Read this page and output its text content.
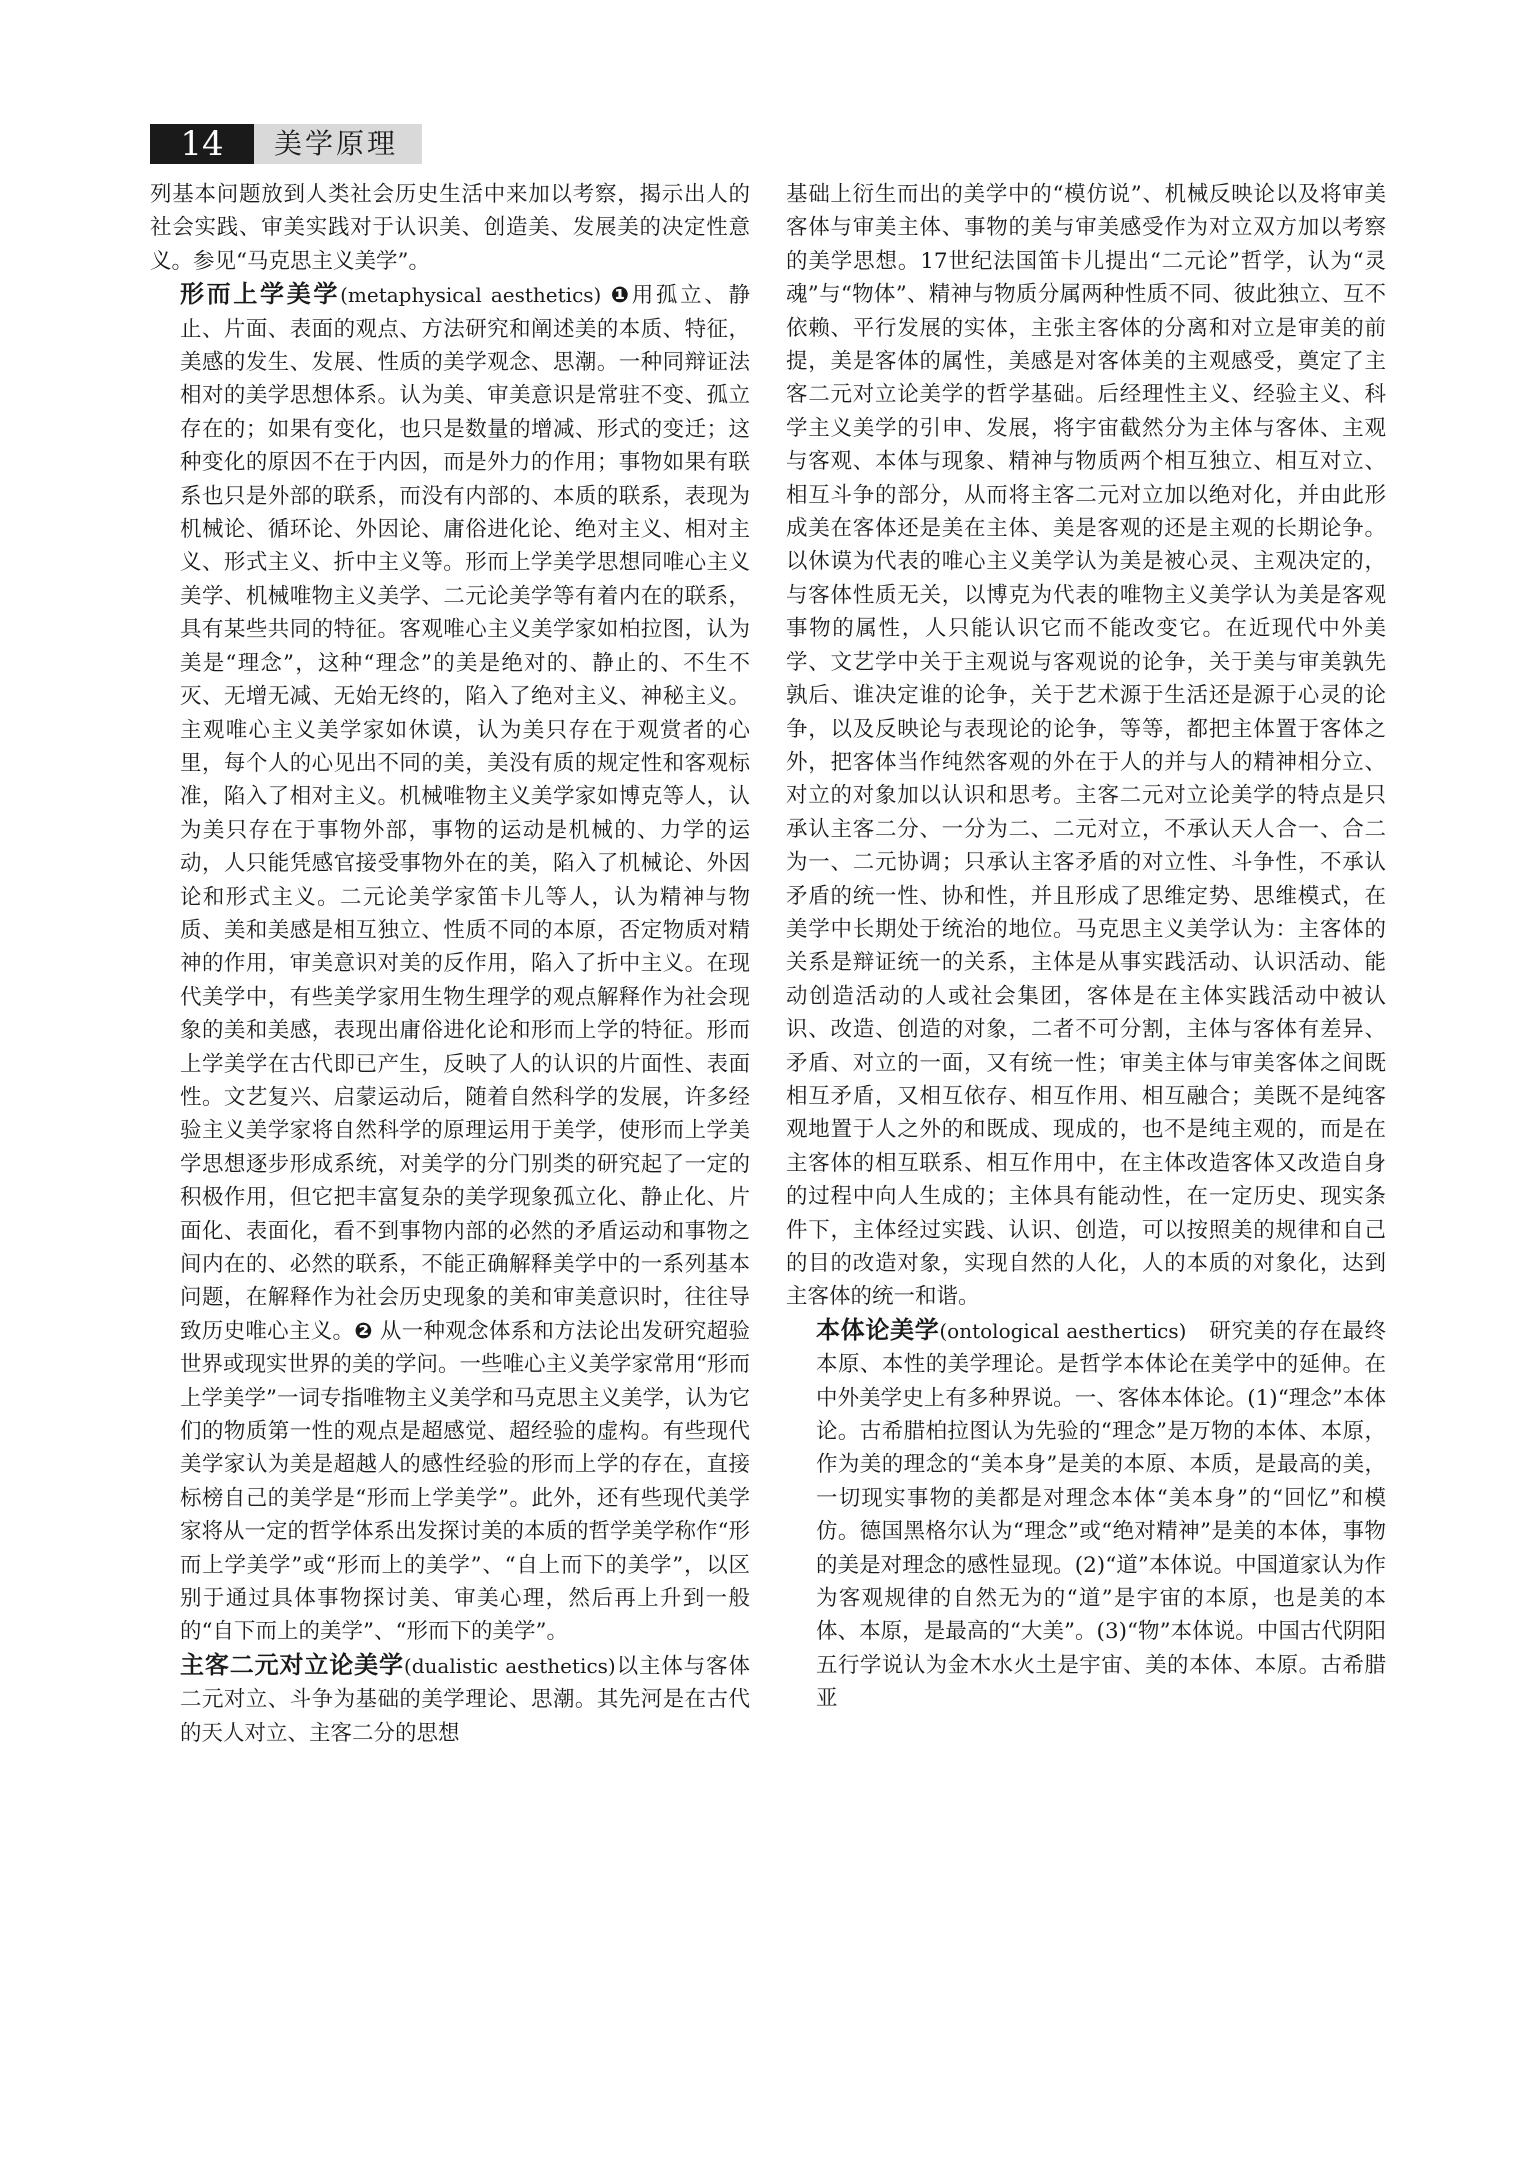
14	美学原理

列基本问题放到人类社会历史生活中来加以考察，揭示出人的社会实践、审美实践对于认识美、创造美、发展美的决定性意义。参见“马克思主义美学”。

形而上学美学(metaphysical aesthetics) ❶用孤立、静止、片面、表面的观点、方法研究和阐述美的本质、特征，美感的发生、发展、性质的美学观念、思潮。一种同辩证法相对的美学思想体系。认为美、审美意识是常驻不变、孤立存在的；如果有变化，也只是数量的增减、形式的变迁；这种变化的原因不在于内因，而是外力的作用；事物如果有联系也只是外部的联系，而没有内部的、本质的联系，表现为机械论、循环论、外因论、庸俗进化论、绝对主义、相对主义、形式主义、折中主义等。形而上学美学思想同唯心主义美学、机械唯物主义美学、二元论美学等有着内在的联系，具有某些共同的特征。客观唯心主义美学家如柏拉图，认为美是“理念”，这种“理念”的美是绝对的、静止的、不生不灭、无增无减、无始无终的，陷入了绝对主义、神秘主义。主观唯心主义美学家如休谟，认为美只存在于观赏者的心里，每个人的心见出不同的美，美没有质的规定性和客观标准，陷入了相对主义。机械唯物主义美学家如博克等人，认为美只存在于事物外部，事物的运动是机械的、力学的运动，人只能凭感官接受事物外在的美，陷入了机械论、外因论和形式主义。二元论美学家笛卡儿等人，认为精神与物质、美和美感是相互独立、性质不同的本原，否定物质对精神的作用，审美意识对美的反作用，陷入了折中主义。在现代美学中，有些美学家用生物生理学的观点解释作为社会现象的美和美感，表现出庸俗进化论和形而上学的特征。形而上学美学在古代即已产生，反映了人的认识的片面性、表面性。文艺复兴、启蒙运动后，随着自然科学的发展，许多经验主义美学家将自然科学的原理运用于美学，使形而上学美学思想逐步形成系统，对美学的分门别类的研究起了一定的积极作用，但它把丰富复杂的美学现象孤立化、静止化、片面化、表面化，看不到事物内部的必然的矛盾运动和事物之间内在的、必然的联系，不能正确解释美学中的一系列基本问题，在解释作为社会历史现象的美和审美意识时，往往导致历史唯心主义。❷ 从一种观念体系和方法论出发研究超验世界或现实世界的美的学问。一些唯心主义美学家常用“形而上学美学”一词专指唯物主义美学和马克思主义美学，认为它们的物质第一性的观点是超感觉、超经验的虚构。有些现代美学家认为美是超越人的感性经验的形而上学的存在，直接标榜自己的美学是“形而上学美学”。此外，还有些现代美学家将从一定的哲学体系出发探讨美的本质的哲学美学称作“形而上学美学”或“形而上的美学”、“自上而下的美学”，以区别于通过具体事物探讨美、审美心理，然后再上升到一般的“自下而上的美学”、“形而下的美学”。

主客二元对立论美学(dualistic aesthetics)以主体与客体二元对立、斗争为基础的美学理论、思潮。其先河是在古代的天人对立、主客二分的思想

基础上衍生而出的美学中的“模仿说”、机械反映论以及将审美客体与审美主体、事物的美与审美感受作为对立双方加以考察的美学思想。17世纪法国笛卡儿提出“二元论”哲学，认为“灵魂”与“物体”、精神与物质分属两种性质不同、彼此独立、互不依赖、平行发展的实体，主张主客体的分离和对立是审美的前提，美是客体的属性，美感是对客体美的主观感受，奠定了主客二元对立论美学的哲学基础。后经理性主义、经验主义、科学主义美学的引申、发展，将宇宙截然分为主体与客体、主观与客观、本体与现象、精神与物质两个相互独立、相互对立、相互斗争的部分，从而将主客二元对立加以绝对化，并由此形成美在客体还是美在主体、美是客观的还是主观的长期论争。以休谟为代表的唯心主义美学认为美是被心灵、主观决定的，与客体性质无关，以博克为代表的唯物主义美学认为美是客观事物的属性，人只能认识它而不能改变它。在近现代中外美学、文艺学中关于主观说与客观说的论争，关于美与审美孰先孰后、谁决定谁的论争，关于艺术源于生活还是源于心灵的论争，以及反映论与表现论的论争，等等，都把主体置于客体之外，把客体当作纯然客观的外在于人的并与人的精神相分立、对立的对象加以认识和思考。主客二元对立论美学的特点是只承认主客二分、一分为二、二元对立，不承认天人合一、合二为一、二元协调；只承认主客矛盾的对立性、斗争性，不承认矛盾的统一性、协和性，并且形成了思维定势、思维模式，在美学中长期处于统治的地位。马克思主义美学认为：主客体的关系是辩证统一的关系，主体是从事实践活动、认识活动、能动创造活动的人或社会集团，客体是在主体实践活动中被认识、改造、创造的对象，二者不可分割，主体与客体有差异、矛盾、对立的一面，又有统一性；审美主体与审美客体之间既相互矛盾，又相互依存、相互作用、相互融合；美既不是纯客观地置于人之外的和既成、现成的，也不是纯主观的，而是在主客体的相互联系、相互作用中，在主体改造客体又改造自身的过程中向人生成的；主体具有能动性，在一定历史、现实条件下，主体经过实践、认识、创造，可以按照美的规律和自己的目的改造对象，实现自然的人化，人的本质的对象化，达到主客体的统一和谐。

本体论美学(ontological aesthertics)　 研究美的存在最终本原、本性的美学理论。是哲学本体论在美学中的延伸。在中外美学史上有多种界说。一、客体本体论。(1)“理念”本体论。古希腊柏拉图认为先验的“理念”是万物的本体、本原，作为美的理念的“美本身”是美的本原、本质，是最高的美，一切现实事物的美都是对理念本体“美本身”的“回忆”和模仿。德国黑格尔认为“理念”或“绝对精神”是美的本体，事物的美是对理念的感性显现。(2)“道”本体说。中国道家认为作为客观规律的自然无为的“道”是宇宙的本原，也是美的本体、本原，是最高的“大美”。(3)“物”本体说。中国古代阴阳五行学说认为金木水火土是宇宙、美的本体、本原。古希腊亚
